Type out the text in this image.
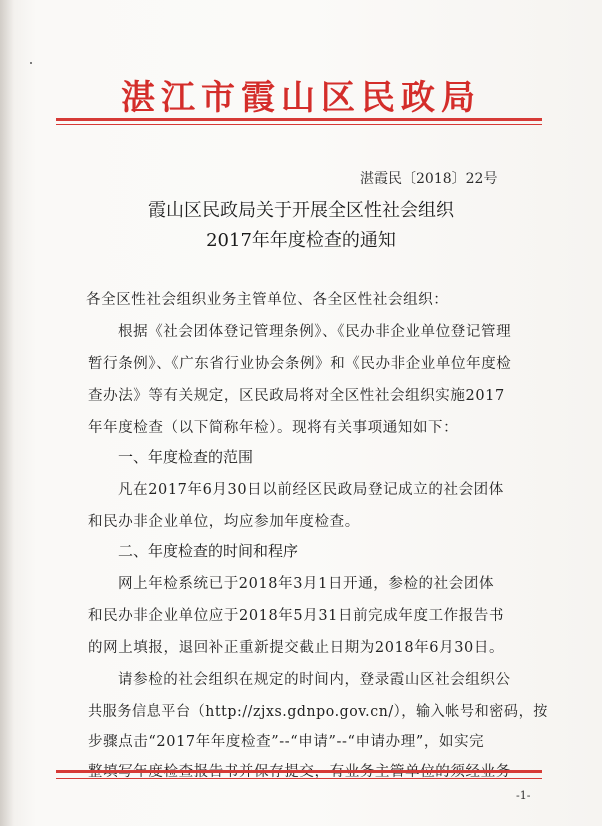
湛江市霞山区民政局
湛霞民〔2018〕22号
霞山区民政局关于开展全区性社会组织
2017年年度检查的通知
各全区性社会组织业务主管单位、各全区性社会组织：
根据《社会团体登记管理条例》、《民办非企业单位登记管理
暂行条例》、《广东省行业协会条例》和《民办非企业单位年度检
查办法》等有关规定，区民政局将对全区性社会组织实施2017
年年度检查（以下简称年检）。现将有关事项通知如下：
一、年度检查的范围
凡在2017年6月30日以前经区民政局登记成立的社会团体
和民办非企业单位，均应参加年度检查。
二、年度检查的时间和程序
网上年检系统已于2018年3月1日开通，参检的社会团体
和民办非企业单位应于2018年5月31日前完成年度工作报告书
的网上填报，退回补正重新提交截止日期为2018年6月30日。
请参检的社会组织在规定的时间内，登录霞山区社会组织公
共服务信息平台（http://zjxs.gdnpo.gov.cn/），输入帐号和密码，按
步骤点击“2017年年度检查”--“申请”--“申请办理”，如实完
-1-
